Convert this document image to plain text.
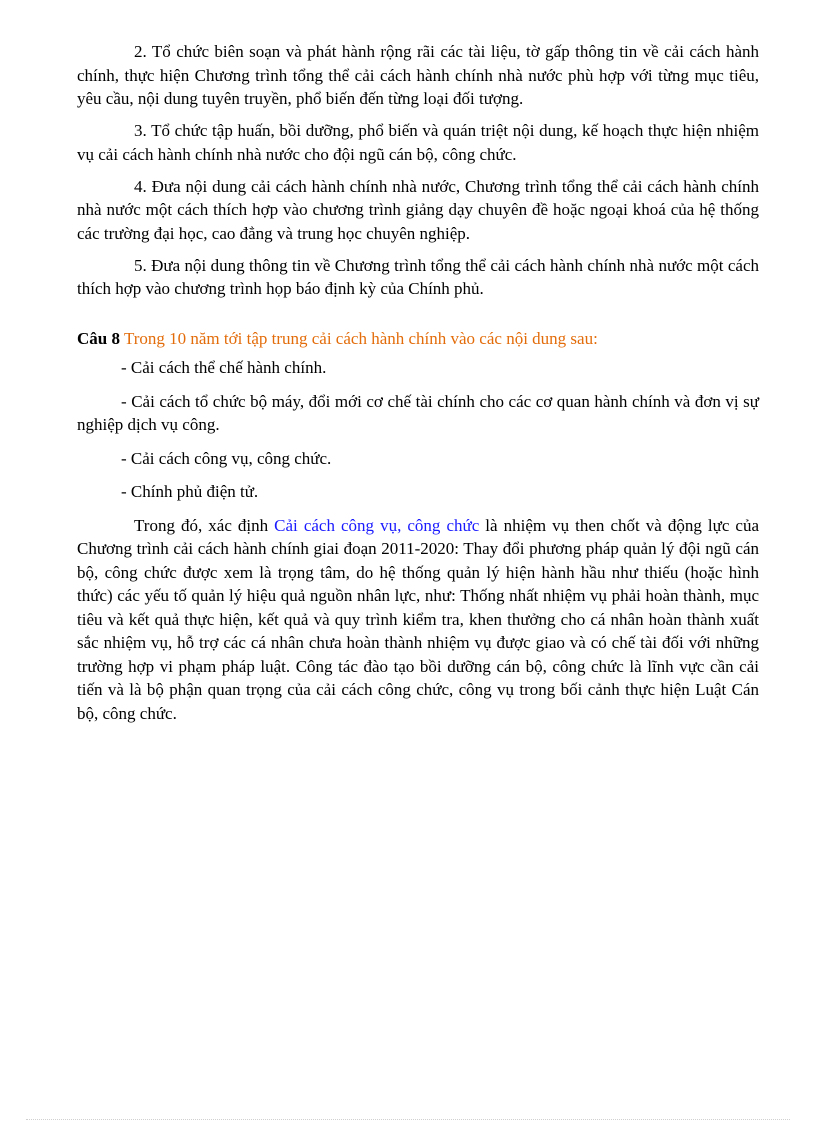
2. Tổ chức biên soạn và phát hành rộng rãi các tài liệu, tờ gấp thông tin về cải cách hành chính, thực hiện Chương trình tổng thể cải cách hành chính nhà nước phù hợp với từng mục tiêu, yêu cầu, nội dung tuyên truyền, phổ biến đến từng loại đối tượng.

3. Tổ chức tập huấn, bồi dưỡng, phổ biến và quán triệt nội dung, kế hoạch thực hiện nhiệm vụ cải cách hành chính nhà nước cho đội ngũ cán bộ, công chức.

4. Đưa nội dung cải cách hành chính nhà nước, Chương trình tổng thể cải cách hành chính nhà nước một cách thích hợp vào chương trình giảng dạy chuyên đề hoặc ngoại khoá của hệ thống các trường đại học, cao đẳng và trung học chuyên nghiệp.

5. Đưa nội dung thông tin về Chương trình tổng thể cải cách hành chính nhà nước một cách thích hợp vào chương trình họp báo định kỳ của Chính phủ.

Câu 8 Trong 10 năm tới tập trung cải cách hành chính vào các nội dung sau:

- Cải cách thể chế hành chính.

- Cải cách tổ chức bộ máy, đổi mới cơ chế tài chính cho các cơ quan hành chính và đơn vị sự nghiệp dịch vụ công.

- Cải cách công vụ, công chức.

- Chính phủ điện tử.

Trong đó, xác định Cải cách công vụ, công chức là nhiệm vụ then chốt và động lực của Chương trình cải cách hành chính giai đoạn 2011-2020: Thay đổi phương pháp quản lý đội ngũ cán bộ, công chức được xem là trọng tâm, do hệ thống quản lý hiện hành hầu như thiếu (hoặc hình thức) các yếu tố quản lý hiệu quả nguồn nhân lực, như: Thống nhất nhiệm vụ phải hoàn thành, mục tiêu và kết quả thực hiện, kết quả và quy trình kiểm tra, khen thưởng cho cá nhân hoàn thành xuất sắc nhiệm vụ, hỗ trợ các cá nhân chưa hoàn thành nhiệm vụ được giao và có chế tài đối với những trường hợp vi phạm pháp luật. Công tác đào tạo bồi dưỡng cán bộ, công chức là lĩnh vực cần cải tiến và là bộ phận quan trọng của cải cách công chức, công vụ trong bối cảnh thực hiện Luật Cán bộ, công chức.
